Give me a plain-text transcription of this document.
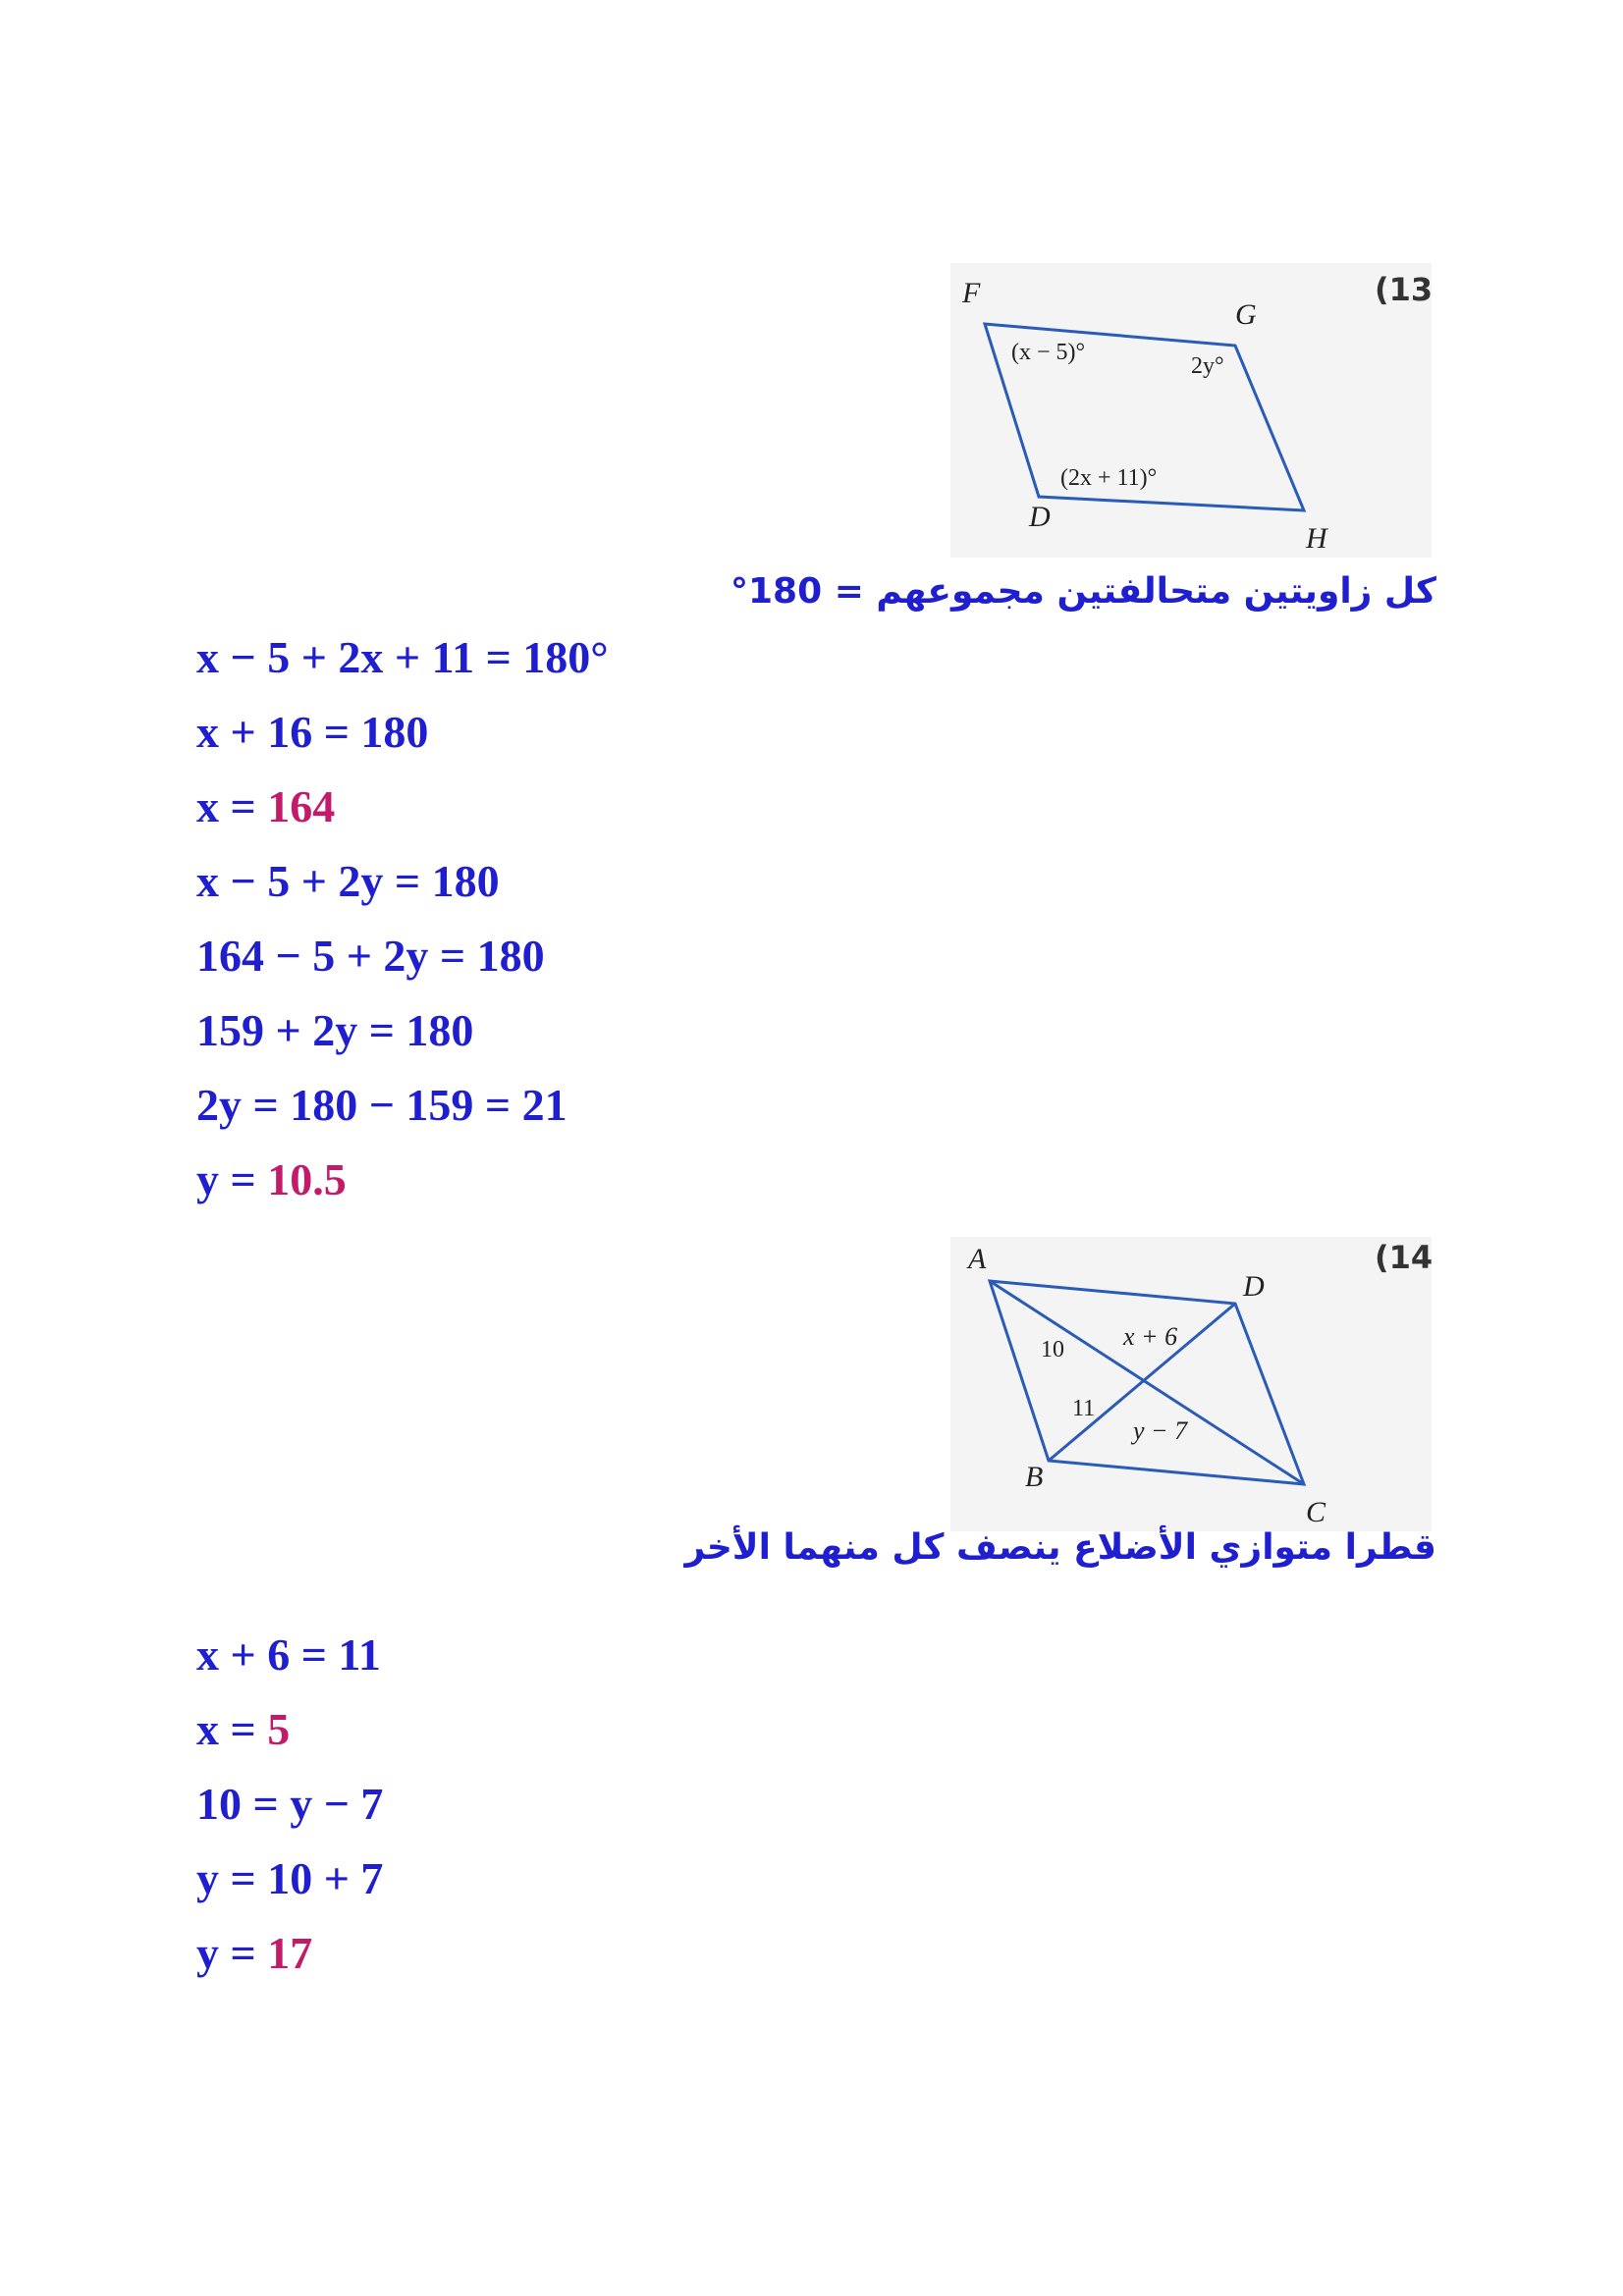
F
G
H
D
(x − 5)°
2y°
(2x + 11)°
(13
كل زاويتين متحالفتين مجموعهم = 180°
x − 5 + 2x + 11 = 180°
x + 16 = 180
x = 164
x − 5 + 2y = 180
164 − 5 + 2y = 180
159 + 2y = 180
2y = 180 − 159 = 21
y = 10.5
A
D
C
B
10 x + 6
11
y − 7
(14
قطرا متوازي الأضلاع ينصف كل منهما الأخر
x + 6 = 11
x = 5
10 = y − 7
y = 10 + 7
y = 17
